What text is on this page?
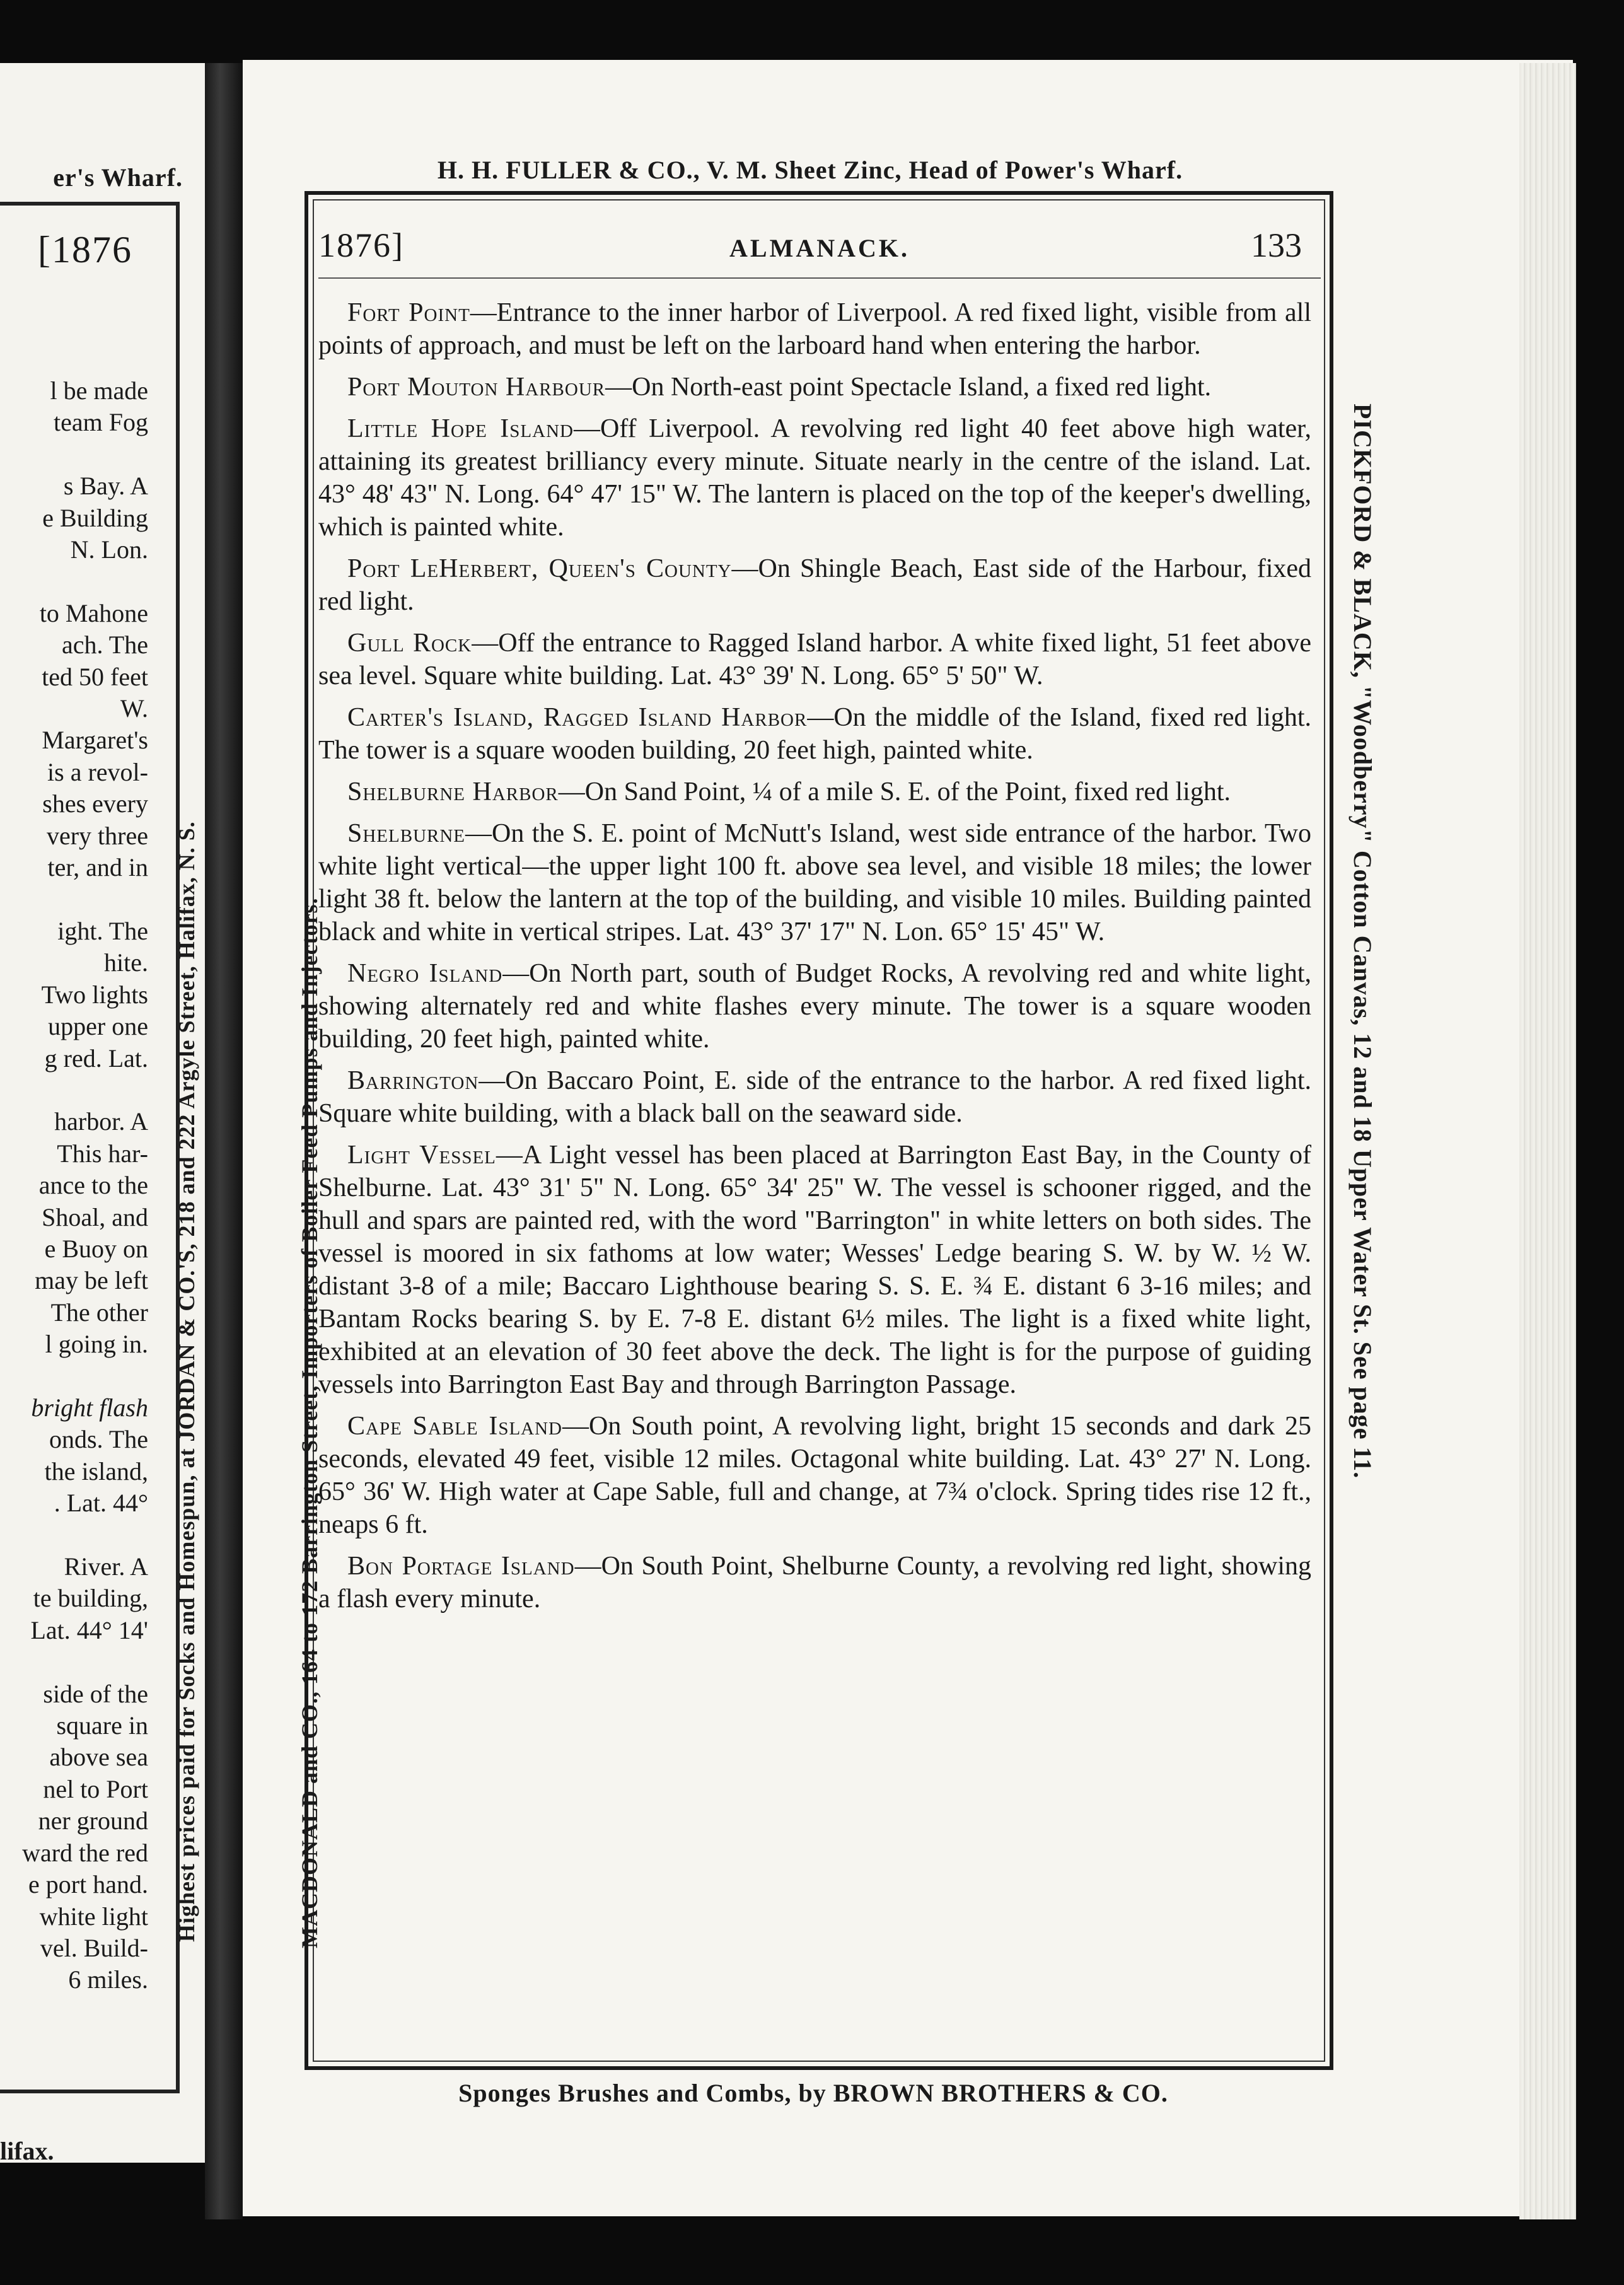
er's Wharf.
[1876
l be made
team Fog

s Bay. A
e Building
N. Lon.

to Mahone
ach. The
ted 50 feet
W.
Margaret's
is a revol-
shes every
very three
ter, and in

ight. The
hite.
Two lights
upper one
g red. Lat.

harbor. A
This har-
ance to the
Shoal, and
e Buoy on
may be left
The other
l going in.

bright flash
onds. The
the island,
. Lat. 44°

River. A
te building,
Lat. 44° 14'

side of the
square in
above sea
nel to Port
ner ground
ward the red
e port hand.
white light
vel. Build-
6 miles.
lifax.
Highest prices paid for Socks and Homespun, at JORDAN & CO.'S, 218 and 222 Argyle Street, Halifax, N. S.
H. H. FULLER & CO., V. M. Sheet Zinc, Head of Power's Wharf.
1876]	ALMANACK.	133
MACDONALD and CO., 164 to 172 Barrington Street, Importers of Boiler Feed Pumps and Injectors.	PICKFORD & BLACK, "Woodberry" Cotton Canvas, 12 and 18 Upper Water St. See page 11.

Fort Point—Entrance to the inner harbor of Liverpool. A red fixed light, visible from all points of approach, and must be left on the larboard hand when entering the harbor.

Port Mouton Harbour—On North-east point Spectacle Island, a fixed red light.

Little Hope Island—Off Liverpool. A revolving red light 40 feet above high water, attaining its greatest brilliancy every minute. Situate nearly in the centre of the island. Lat. 43° 48' 43" N. Long. 64° 47' 15" W. The lantern is placed on the top of the keeper's dwelling, which is painted white.

Port LeHerbert, Queen's County—On Shingle Beach, East side of the Harbour, fixed red light.

Gull Rock—Off the entrance to Ragged Island harbor. A white fixed light, 51 feet above sea level. Square white building. Lat. 43° 39' N. Long. 65° 5' 50" W.

Carter's Island, Ragged Island Harbor—On the middle of the Island, fixed red light. The tower is a square wooden building, 20 feet high, painted white.

Shelburne Harbor—On Sand Point, ¼ of a mile S. E. of the Point, fixed red light.

Shelburne—On the S. E. point of McNutt's Island, west side entrance of the harbor. Two white light vertical—the upper light 100 ft. above sea level, and visible 18 miles; the lower light 38 ft. below the lantern at the top of the building, and visible 10 miles. Building painted black and white in vertical stripes. Lat. 43° 37' 17" N. Lon. 65° 15' 45" W.

Negro Island—On North part, south of Budget Rocks, A revolving red and white light, showing alternately red and white flashes every minute. The tower is a square wooden building, 20 feet high, painted white.

Barrington—On Baccaro Point, E. side of the entrance to the harbor. A red fixed light. Square white building, with a black ball on the seaward side.

Light Vessel—A Light vessel has been placed at Barrington East Bay, in the County of Shelburne. Lat. 43° 31' 5" N. Long. 65° 34' 25" W. The vessel is schooner rigged, and the hull and spars are painted red, with the word "Barrington" in white letters on both sides. The vessel is moored in six fathoms at low water; Wesses' Ledge bearing S. W. by W. ½ W. distant 3-8 of a mile; Baccaro Lighthouse bearing S. S. E. ¾ E. distant 6 3-16 miles; and Bantam Rocks bearing S. by E. 7-8 E. distant 6½ miles. The light is a fixed white light, exhibited at an elevation of 30 feet above the deck. The light is for the purpose of guiding vessels into Barrington East Bay and through Barrington Passage.

Cape Sable Island—On South point, A revolving light, bright 15 seconds and dark 25 seconds, elevated 49 feet, visible 12 miles. Octagonal white building. Lat. 43° 27' N. Long. 65° 36' W. High water at Cape Sable, full and change, at 7¾ o'clock. Spring tides rise 12 ft., neaps 6 ft.

Bon Portage Island—On South Point, Shelburne County, a revolving red light, showing a flash every minute.

Sponges Brushes and Combs, by BROWN BROTHERS & CO.
